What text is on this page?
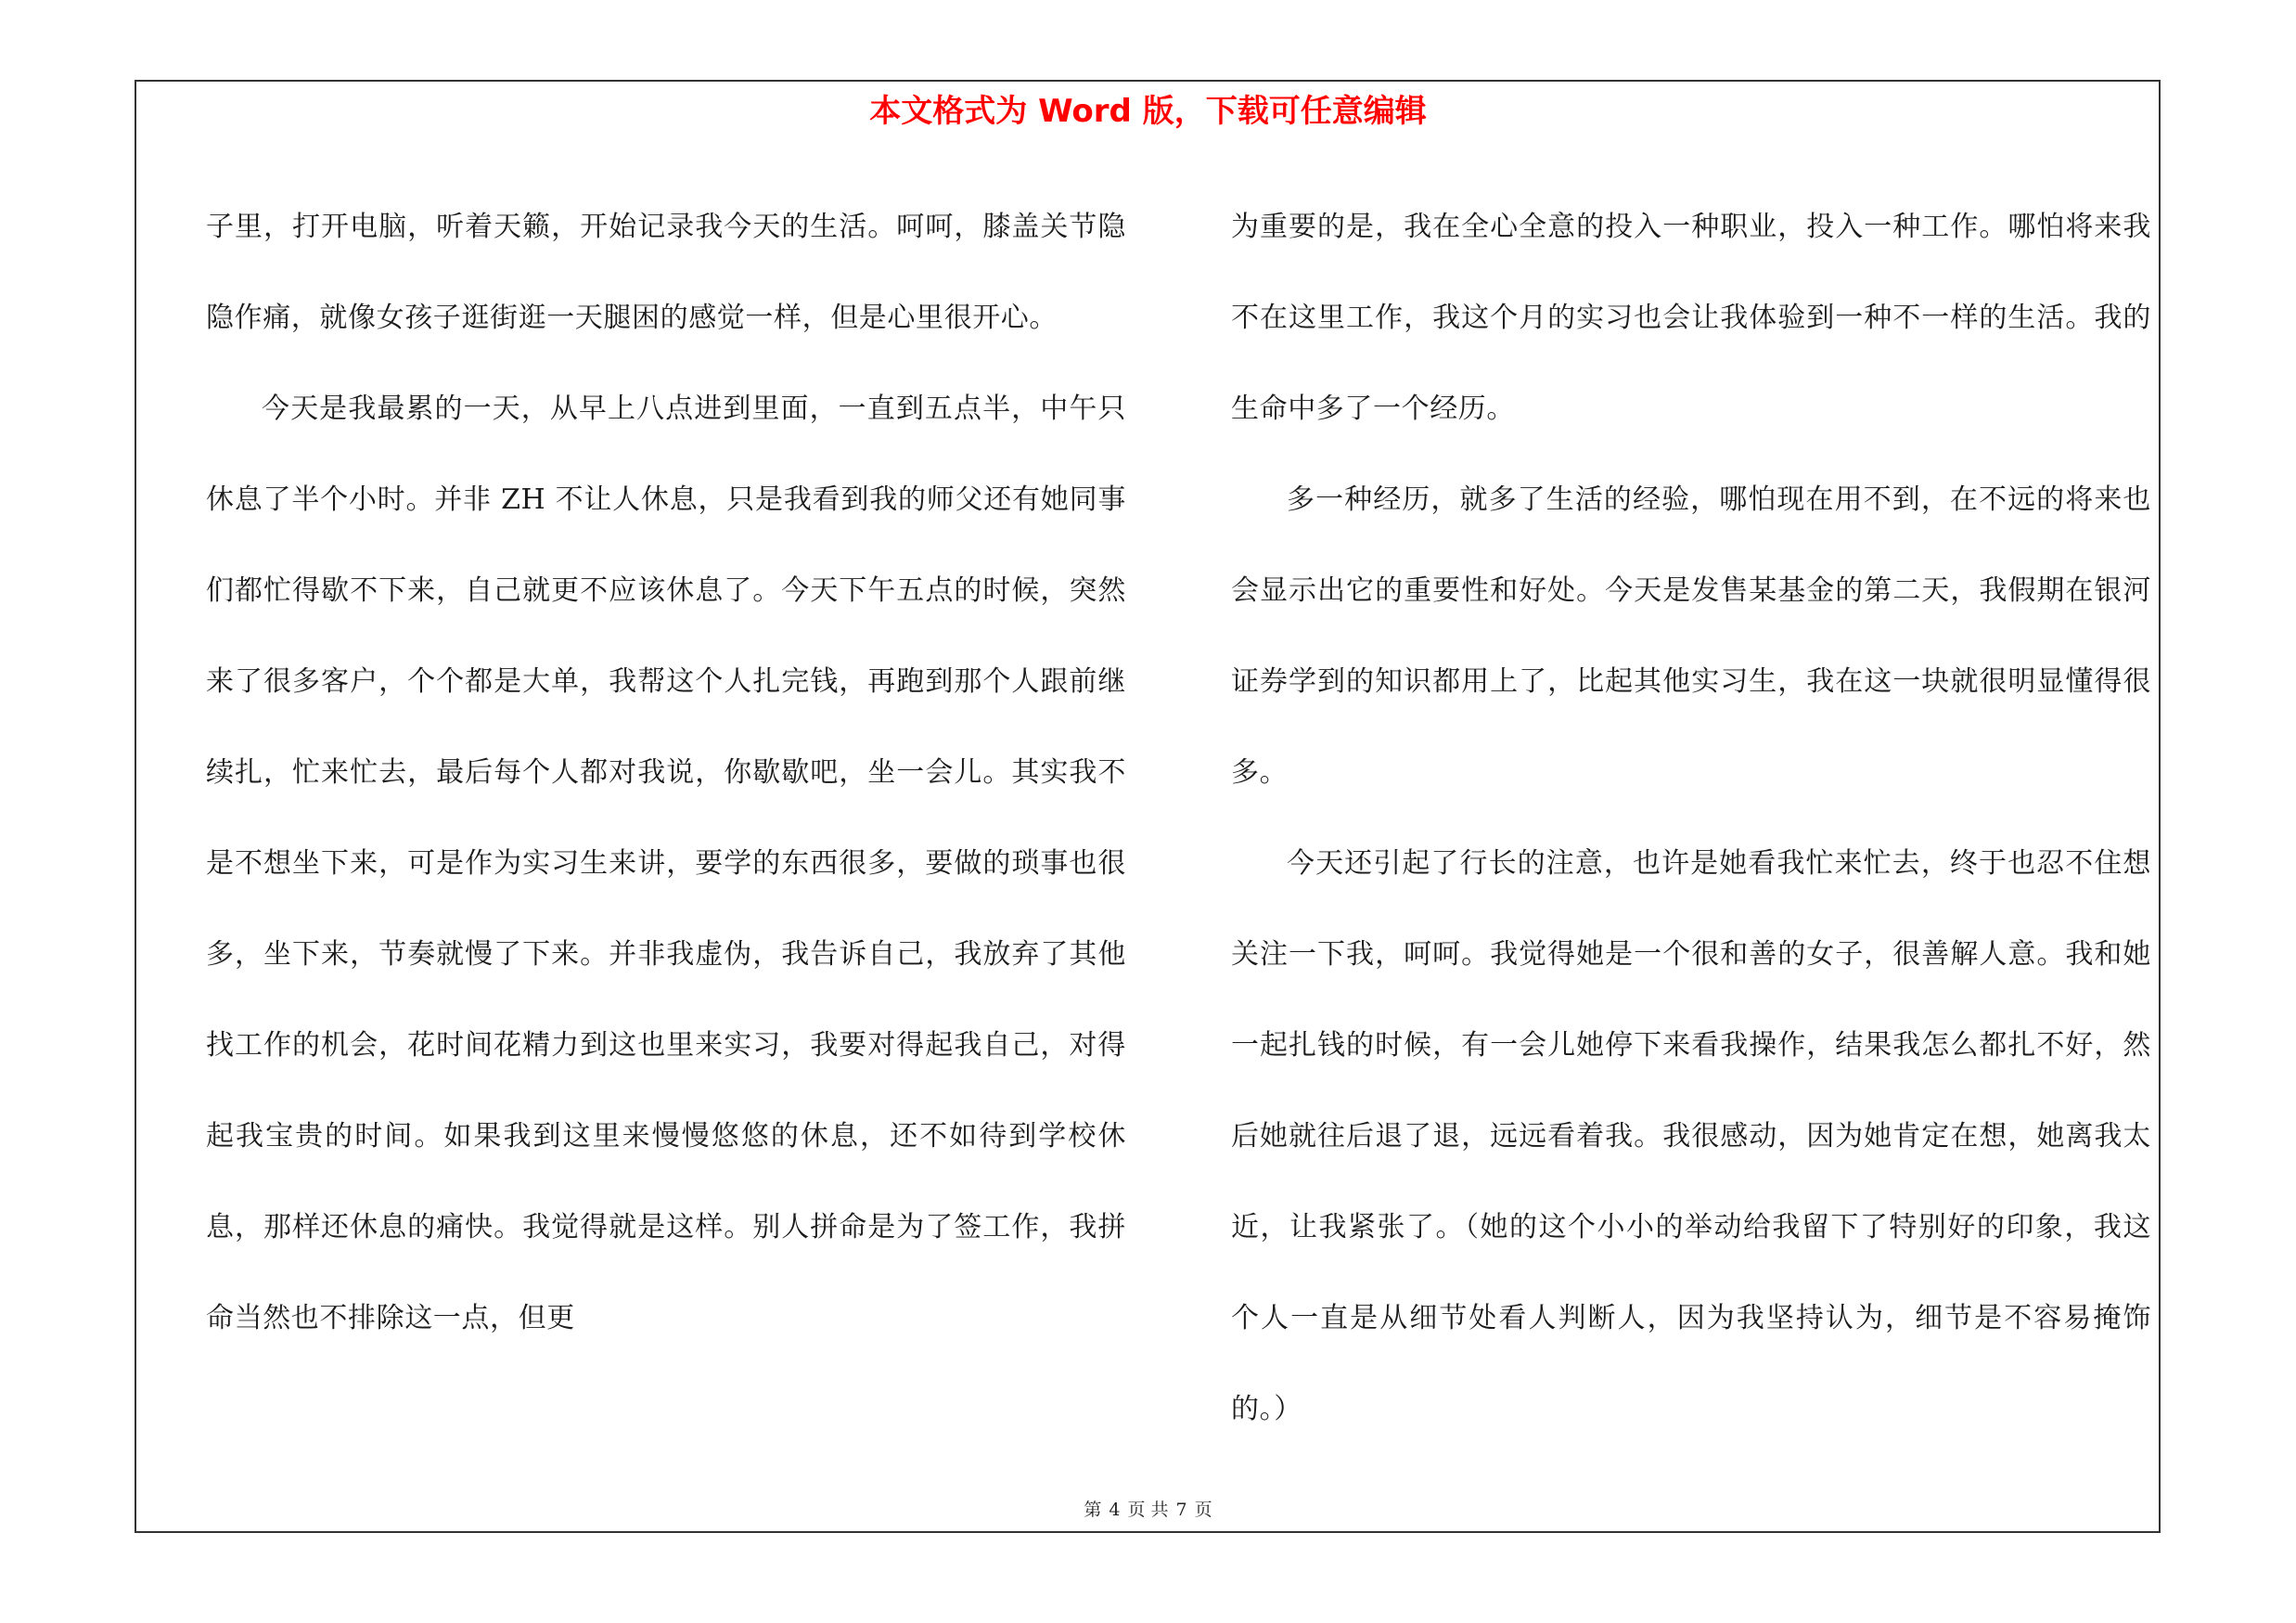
本文格式为 Word 版，下载可任意编辑

子里，打开电脑，听着天籁，开始记录我今天的生活。呵呵，膝盖关节隐隐作痛，就像女孩子逛街逛一天腿困的感觉一样，但是心里很开心。

今天是我最累的一天，从早上八点进到里面，一直到五点半，中午只休息了半个小时。并非 ZH 不让人休息，只是我看到我的师父还有她同事们都忙得歇不下来，自己就更不应该休息了。今天下午五点的时候，突然来了很多客户，个个都是大单，我帮这个人扎完钱，再跑到那个人跟前继续扎，忙来忙去，最后每个人都对我说，你歇歇吧，坐一会儿。其实我不是不想坐下来，可是作为实习生来讲，要学的东西很多，要做的琐事也很多，坐下来，节奏就慢了下来。并非我虚伪，我告诉自己，我放弃了其他找工作的机会，花时间花精力到这也里来实习，我要对得起我自己，对得起我宝贵的时间。如果我到这里来慢慢悠悠的休息，还不如待到学校休息，那样还休息的痛快。我觉得就是这样。别人拼命是为了签工作，我拼命当然也不排除这一点，但更

为重要的是，我在全心全意的投入一种职业，投入一种工作。哪怕将来我不在这里工作，我这个月的实习也会让我体验到一种不一样的生活。我的生命中多了一个经历。

多一种经历，就多了生活的经验，哪怕现在用不到，在不远的将来也会显示出它的重要性和好处。今天是发售某基金的第二天，我假期在银河证券学到的知识都用上了，比起其他实习生，我在这一块就很明显懂得很多。

今天还引起了行长的注意，也许是她看我忙来忙去，终于也忍不住想关注一下我，呵呵。我觉得她是一个很和善的女子，很善解人意。我和她一起扎钱的时候，有一会儿她停下来看我操作，结果我怎么都扎不好，然后她就往后退了退，远远看着我。我很感动，因为她肯定在想，她离我太近，让我紧张了。（她的这个小小的举动给我留下了特别好的印象，我这个人一直是从细节处看人判断人，因为我坚持认为，细节是不容易掩饰的。）

第 4 页 共 7 页
